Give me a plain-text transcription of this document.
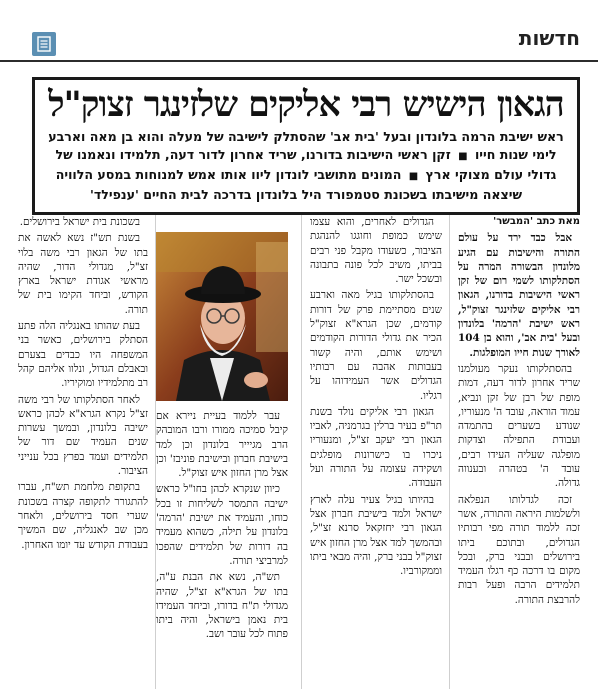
חדשות
הגאון הישיש רבי אליקים שלזינגר זצוק"ל
ראש ישיבת הרמה בלונדון ובעל 'בית אב' שהסתלק לישיבה של מעלה והוא בן מאה וארבע לימי שנות חייו ■ זקן ראשי הישיבות בדורנו, שריד אחרון לדור דעה, תלמידו ונאמנו של גדולי עולם מצוקי ארץ ■ המונים מתושבי לונדון ליוו אותו אמש למנוחות במסע הלוויה שיצאה מישיבתו בשכונת סטמפורד היל בלונדון בדרכה לבית החיים 'ענפילד'

מאת כתב 'המבשר'

אבל כבד ירד על עולם התורה והישיבות עם הגיע מלונדון הבשורה המרה על הסתלקותו לשמי רום של זקן ראשי הישיבות בדורנו, הגאון רבי אליקים שלזינגר זצוק"ל, ראש ישיבת 'הרמה' בלונדון ובעל 'בית אב', והוא בן 104 לאורך שנות חייו המופלגות.

בהסתלקותו נעקר מעולמנו שריד אחרון לדור דעה, דמות מופת של רבן של זקן ונביא, עמוד הוראה, עובד ה' מנעוריו, שנודע בשערים בהתמדה ועבודת התפילה וצדקות מופלגה שעליה העידו רבים, עובד ה' בטהרה ובענווה גדולה.

זכה לגדלותו הנפלאה ולשלמות היראה והתורה, אשר זכה ללמוד תורה מפי רבותיו הגדולים, ובתוכם ביתו בירושלים ובבני ברק, ובכל מקום בו דרכה כף רגלו העמיד תלמידים הרבה ופעל רבות להרבצת התורה.

הגדולים לאחרים, והוא עצמו שימש כמופת וחוגגו להנהגת הציבור, כשעודו מקבל פני רבים בביתו, משיב לכל פונה בתבונה ובשכל ישר.

בהסתלקותו בגיל מאה וארבע שנים מסתיימת פרק של דורות קודמים, שכן הגרא"א זצוק"ל הכיר את גדולי הדורות הקודמים ושימש אותם, והיה קשור בעבותות אהבה עם רבותיו הגדולים אשר העמידוהו על רגליו.

הגאון רבי אליקים נולד בשנת תר"פ בעיר ברלין בגרמניה, לאביו הגאון רבי יעקב זצ"ל, ומנעוריו ניכרו בו כישרונות מופלגים ושקידה עצומה על התורה ועל העבודה.

בהיותו בגיל צעיר עלה לארץ ישראל ולמד בישיבת חברון אצל הגאון רבי יחזקאל סרנא זצ"ל, ובהמשך למד אצל מרן החזון איש זצוק"ל בבני ברק, והיה מבאי ביתו וממקורביו.

בשכונת בית ישראל בירושלים.

בשנת תש"ז נשא לאשה את בתו של הגאון רבי משה בלוי זצ"ל, מגדולי הדור, שהיה מראשי אגודת ישראל בארץ הקודש, וביחד הקימו בית של תורה.

בעת שהותו באנגליה הלה פתע הסתלק בירושלים, כאשר בני המשפחה היו כבדים בצערם ובאבלם הגדול, ונלוו אליהם קהל רב מתלמידיו ומוקיריו.

לאחר הסתלקותו של רבי משה זצ"ל נקרא הגרא"א לכהן כראש ישיבה בלונדון, ובמשך עשרות שנים העמיד שם דור של תלמידים ועמד בפרץ בכל ענייני הציבור.

בתקופת מלחמת תש"ח, עברו להתגורר לתקופה קצרה בשכונת שערי חסד בירושלים, ולאחר מכן שב לאנגליה, שם המשיך בעבודת הקודש עד יומו האחרון.

עבר ללמוד בעיית ניירא אם קיבל סמיכה ממורו ורבו המובהק הרב מגיייר בלונדון וכן למד בישיבת חברון ובישיבת פוניבז' וכן אצל מרן החזון איש זצוק"ל.

כיוון שנקרא לכהן בחו"ל כראש ישיבה התמסר לשליחות זו בכל כוחו, והעמיד את ישיבת 'הרמה' בלונדון על תילה, כשהוא מעמיד בה דורות של תלמידים שהפכו למרביצי תורה.

תש"ה, נשא את הבנת ע"ה, בתו של הגרא"א זצ"ל, שהיה מגדולי ת"ח בדורו, וביחד העמידו בית נאמן בישראל, והיה ביתו פתוח לכל עובר ושב.
